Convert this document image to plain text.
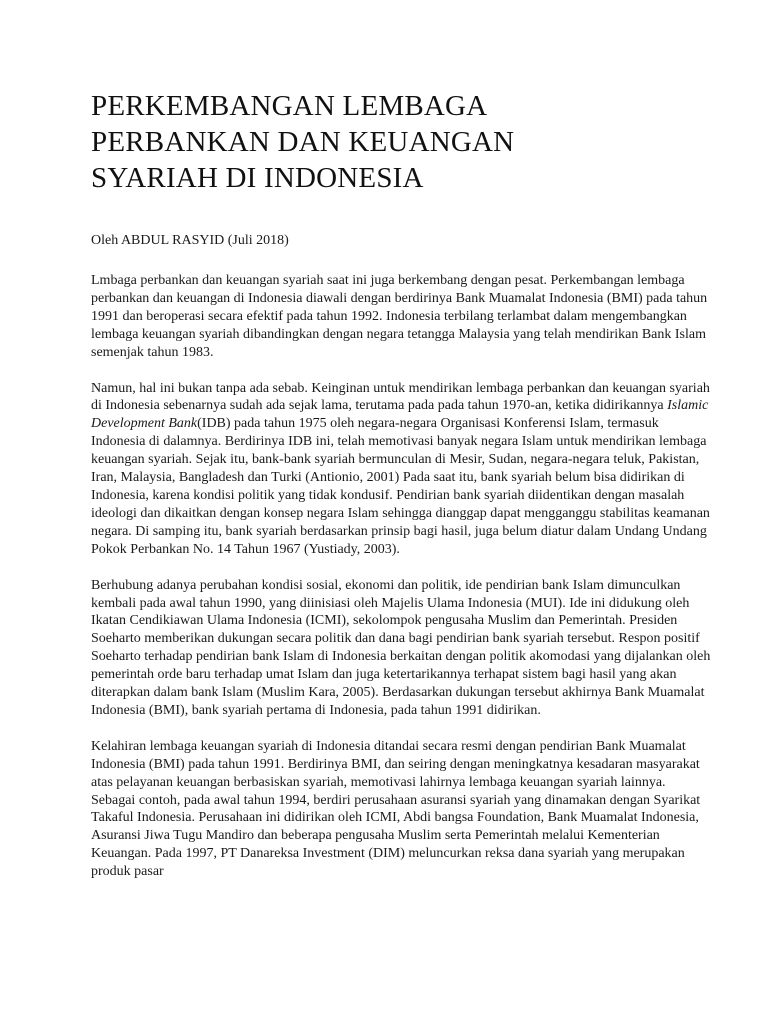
PERKEMBANGAN LEMBAGA PERBANKAN DAN KEUANGAN SYARIAH DI INDONESIA

Oleh ABDUL RASYID (Juli 2018)

Lmbaga perbankan dan keuangan syariah saat ini juga berkembang dengan pesat. Perkembangan lembaga perbankan dan keuangan di Indonesia diawali dengan berdirinya Bank Muamalat Indonesia (BMI) pada tahun 1991 dan beroperasi secara efektif pada tahun 1992. Indonesia terbilang terlambat dalam mengembangkan lembaga keuangan syariah dibandingkan dengan negara tetangga Malaysia yang telah mendirikan Bank Islam semenjak tahun 1983.

Namun, hal ini bukan tanpa ada sebab. Keinginan untuk mendirikan lembaga perbankan dan keuangan syariah di Indonesia sebenarnya sudah ada sejak lama, terutama pada pada tahun 1970-an, ketika didirikannya Islamic Development Bank(IDB) pada tahun 1975 oleh negara-negara Organisasi Konferensi Islam, termasuk Indonesia di dalamnya. Berdirinya IDB ini, telah memotivasi banyak negara Islam untuk mendirikan lembaga keuangan syariah. Sejak itu, bank-bank syariah bermunculan di Mesir, Sudan, negara-negara teluk, Pakistan, Iran, Malaysia, Bangladesh dan Turki (Antionio, 2001) Pada saat itu, bank syariah belum bisa didirikan di Indonesia, karena kondisi politik yang tidak kondusif. Pendirian bank syariah diidentikan dengan masalah ideologi dan dikaitkan dengan konsep negara Islam sehingga dianggap dapat mengganggu stabilitas keamanan negara. Di samping itu, bank syariah berdasarkan prinsip bagi hasil, juga belum diatur dalam Undang Undang Pokok Perbankan No. 14 Tahun 1967 (Yustiady, 2003).

Berhubung adanya perubahan kondisi sosial, ekonomi dan politik, ide pendirian bank Islam dimunculkan kembali pada awal tahun 1990, yang diinisiasi oleh Majelis Ulama Indonesia (MUI). Ide ini didukung oleh Ikatan Cendikiawan Ulama Indonesia (ICMI), sekolompok pengusaha Muslim dan Pemerintah. Presiden Soeharto memberikan dukungan secara politik dan dana bagi pendirian bank syariah tersebut. Respon positif Soeharto terhadap pendirian bank Islam di Indonesia berkaitan dengan politik akomodasi yang dijalankan oleh pemerintah orde baru terhadap umat Islam dan juga ketertarikannya terhapat sistem bagi hasil yang akan diterapkan dalam bank Islam (Muslim Kara, 2005). Berdasarkan dukungan tersebut akhirnya Bank Muamalat Indonesia (BMI), bank syariah pertama di Indonesia, pada tahun 1991 didirikan.

Kelahiran lembaga keuangan syariah di Indonesia ditandai secara resmi dengan pendirian Bank Muamalat Indonesia (BMI) pada tahun 1991. Berdirinya BMI, dan seiring dengan meningkatnya kesadaran masyarakat atas pelayanan keuangan berbasiskan syariah, memotivasi lahirnya lembaga keuangan syariah lainnya. Sebagai contoh, pada awal tahun 1994, berdiri perusahaan asuransi syariah yang dinamakan dengan Syarikat Takaful Indonesia. Perusahaan ini didirikan oleh ICMI, Abdi bangsa Foundation, Bank Muamalat Indonesia, Asuransi Jiwa Tugu Mandiro dan beberapa pengusaha Muslim serta Pemerintah melalui Kementerian Keuangan. Pada 1997, PT Danareksa Investment (DIM) meluncurkan reksa dana syariah yang merupakan produk pasar
